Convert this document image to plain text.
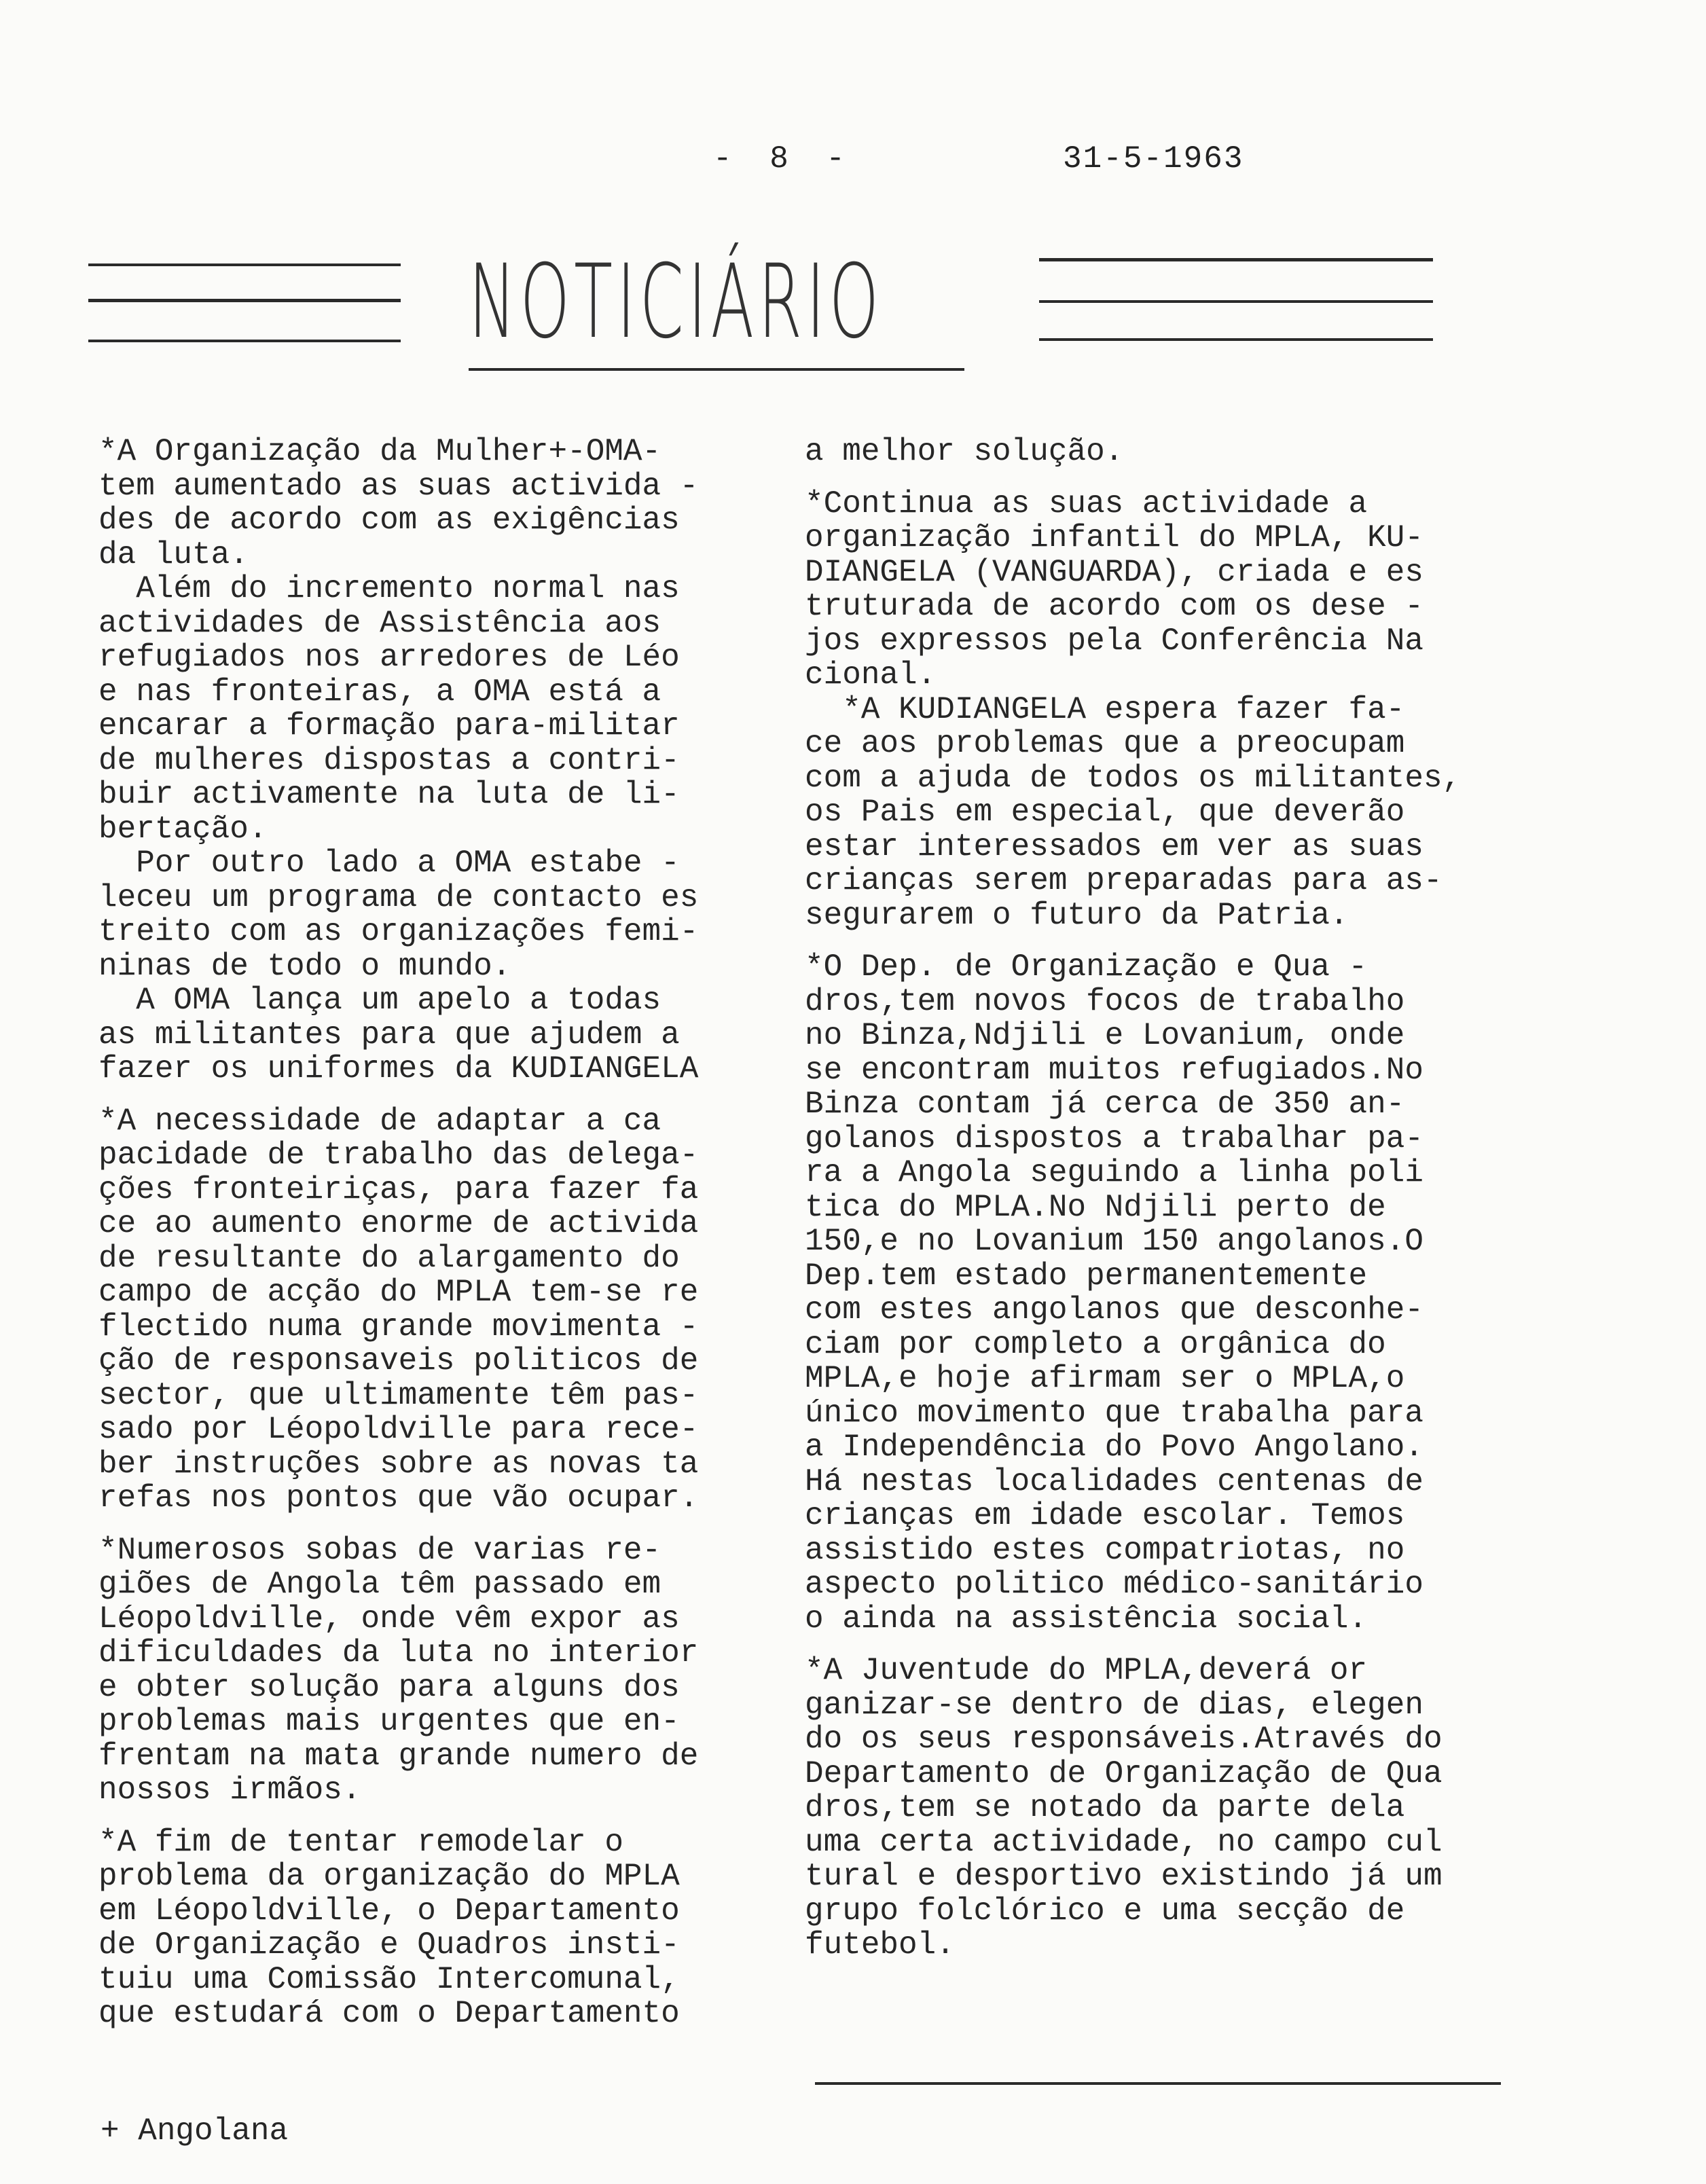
- 8 -	31-5-1963
NOTICIÁRIO
*A Organização da Mulher+-OMA-
tem aumentado as suas activida -
des de acordo com as exigências
da luta.
Além do incremento normal nas
actividades de Assistência aos
refugiados nos arredores de Léo
e nas fronteiras, a OMA está a
encarar a formação para-militar
de mulheres dispostas a contri-
buir activamente na luta de li-
bertação.
Por outro lado a OMA estabe -
leceu um programa de contacto es
treito com as organizações femi-
ninas de todo o mundo.
A OMA lança um apelo a todas
as militantes para que ajudem a
fazer os uniformes da KUDIANGELA
*A necessidade de adaptar a ca
pacidade de trabalho das delega-
ções fronteiriças, para fazer fa
ce ao aumento enorme de activida
de resultante do alargamento do
campo de acção do MPLA tem-se re
flectido numa grande movimenta -
ção de responsaveis politicos de
sector, que ultimamente têm pas-
sado por Léopoldville para rece-
ber instruções sobre as novas ta
refas nos pontos que vão ocupar.
*Numerosos sobas de varias re-
giões de Angola têm passado em
Léopoldville, onde vêm expor as
dificuldades da luta no interior
e obter solução para alguns dos
problemas mais urgentes que en-
frentam na mata grande numero de
nossos irmãos.
*A fim de tentar remodelar o
problema da organização do MPLA
em Léopoldville, o Departamento
de Organização e Quadros insti-
tuiu uma Comissão Intercomunal,
que estudará com o Departamento
a melhor solução.
*Continua as suas actividade a
organização infantil do MPLA, KU-
DIANGELA (VANGUARDA), criada e es
truturada de acordo com os dese -
jos expressos pela Conferência Na
cional.
*A KUDIANGELA espera fazer fa-
ce aos problemas que a preocupam
com a ajuda de todos os militantes,
os Pais em especial, que deverão
estar interessados em ver as suas
crianças serem preparadas para as-
segurarem o futuro da Patria.
*O Dep. de Organização e Qua -
dros,tem novos focos de trabalho
no Binza,Ndjili e Lovanium, onde
se encontram muitos refugiados.No
Binza contam já cerca de 350 an-
golanos dispostos a trabalhar pa-
ra a Angola seguindo a linha poli
tica do MPLA.No Ndjili perto de
150,e no Lovanium 150 angolanos.O
Dep.tem estado permanentemente
com estes angolanos que desconhe-
ciam por completo a orgânica do
MPLA,e hoje afirmam ser o MPLA,o
único movimento que trabalha para
a Independência do Povo Angolano.
Há nestas localidades centenas de
crianças em idade escolar. Temos
assistido estes compatriotas, no
aspecto politico médico-sanitário
o ainda na assistência social.
*A Juventude do MPLA,deverá or
ganizar-se dentro de dias, elegen
do os seus responsáveis.Através do
Departamento de Organização de Qua
dros,tem se notado da parte dela
uma certa actividade, no campo cul
tural e desportivo existindo já um
grupo folclórico e uma secção de
futebol.
+ Angolana
